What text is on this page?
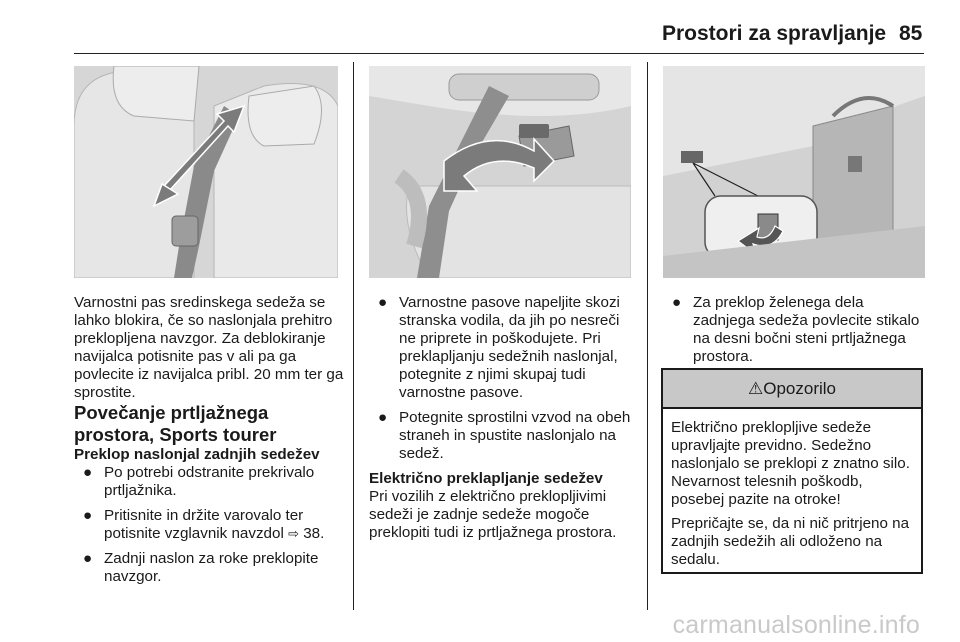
Prostori za spravljanje 85

Varnostni pas sredinskega sedeža se lahko blokira, če so naslonjala prehitro preklopljena navzgor. Za deblokiranje navijalca potisnite pas v ali pa ga povlecite iz navijalca pribl. 20 mm ter ga sprostite.

Povečanje prtljažnega prostora, Sports tourer

Preklop naslonjal zadnjih sedežev

● Po potrebi odstranite prekrivalo prtljažnika.
● Pritisnite in držite varovalo ter potisnite vzglavnik navzdol ⇨ 38.
● Zadnji naslon za roke preklopite navzgor.
● Varnostne pasove napeljite skozi stranska vodila, da jih po nesreči ne priprete in poškodujete. Pri preklapljanju sedežnih naslonjal, potegnite z njimi skupaj tudi varnostne pasove.
● Potegnite sprostilni vzvod na obeh straneh in spustite naslonjalo na sedež.

Električno preklapljanje sedežev

Pri vozilih z električno preklopljivimi sedeži je zadnje sedeže mogoče preklopiti tudi iz prtljažnega prostora.

● Za preklop želenega dela zadnjega sedeža povlecite stikalo na desni bočni steni prtljažnega prostora.
⚠Opozorilo

Električno preklopljive sedeže upravljajte previdno. Sedežno naslonjalo se preklopi z znatno silo. Nevarnost telesnih poškodb, posebej pazite na otroke!

Prepričajte se, da ni nič pritrjeno na zadnjih sedežih ali odloženo na sedalu.

carmanualsonline.info
